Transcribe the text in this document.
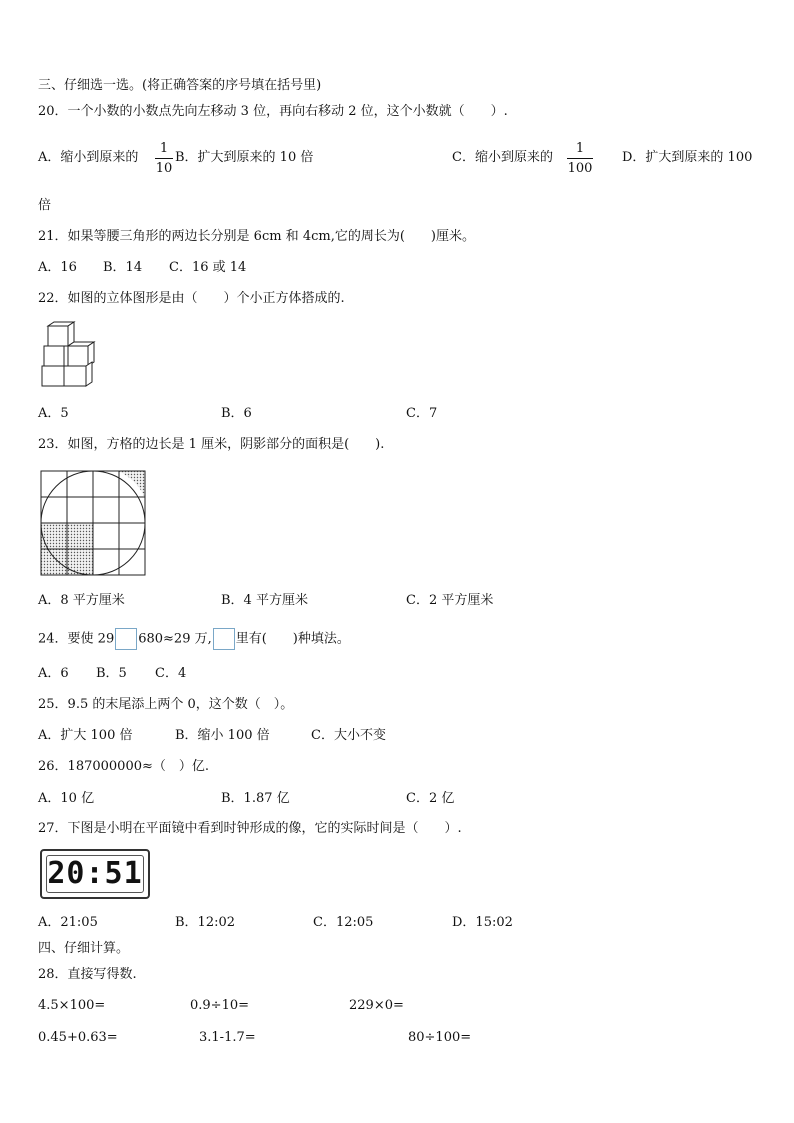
三、仔细选一选。(将正确答案的序号填在括号里)
20．一个小数的小数点先向左移动 3 位，再向右移动 2 位，这个小数就（　　）.
A．缩小到原来的
1
10
B．扩大到原来的 10 倍	C．缩小到原来的
1
100
D．扩大到原来的 100
倍
21．如果等腰三角形的两边长分别是 6cm 和 4cm,它的周长为(　　)厘米。
A．16 B．14 C．16 或 14
22．如图的立体图形是由（　　）个小正方体搭成的.
A．5	B．6	C．7
23．如图，方格的边长是 1 厘米，阴影部分的面积是(　　).
A．8 平方厘米	B．4 平方厘米	C．2 平方厘米
24．要使 29 680≈29 万, 里有(　　)种填法。
A．6 B．5 C．4
25．9.5 的末尾添上两个 0，这个数（　）。
A．扩大 100 倍	B．缩小 100 倍	C．大小不变
26．187000000≈（　）亿.
A．10 亿	B．1.87 亿	C．2 亿
27．下图是小明在平面镜中看到时钟形成的像，它的实际时间是（　　）.
20:51
A．21:05	B．12:02	C．12:05	D．15:02
四、仔细计算。
28．直接写得数.
4.5×100=	0.9÷10=	229×0=
0.45+0.63=	3.1-1.7=	80÷100=
